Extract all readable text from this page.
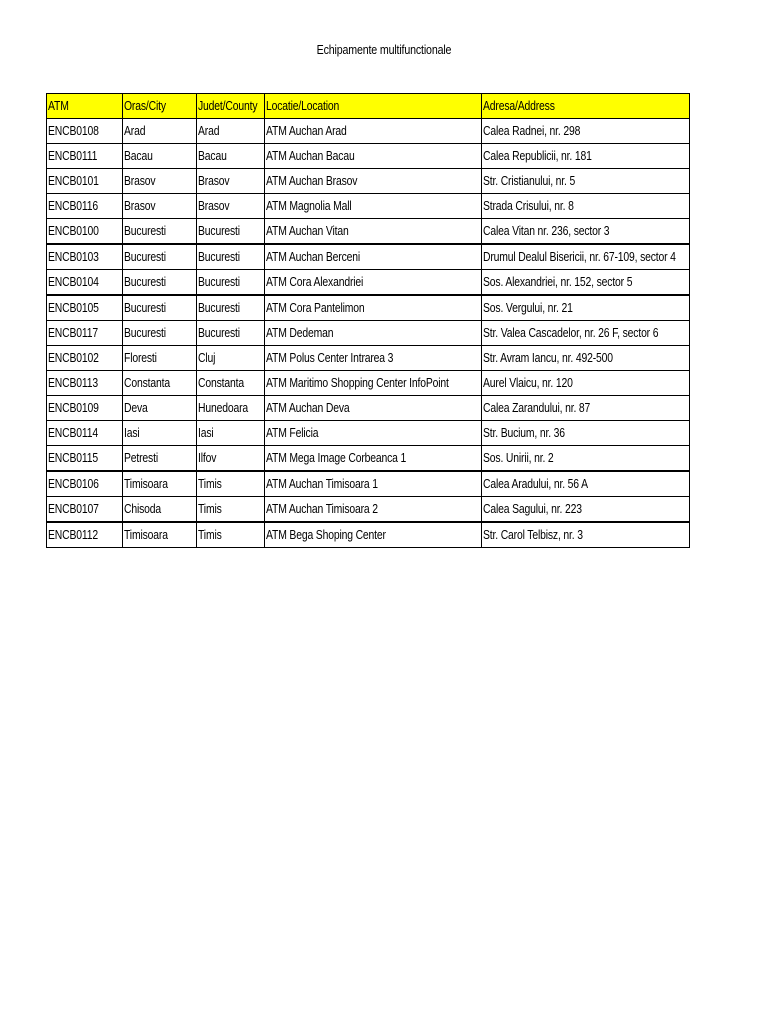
Echipamente multifunctionale
ATM	Oras/City	Judet/County	Locatie/Location	Adresa/Address
ENCB0108	Arad	Arad	ATM Auchan Arad	Calea Radnei, nr. 298
ENCB0111	Bacau	Bacau	ATM Auchan Bacau	Calea Republicii, nr. 181
ENCB0101	Brasov	Brasov	ATM Auchan Brasov	Str. Cristianului, nr. 5
ENCB0116	Brasov	Brasov	ATM Magnolia Mall	Strada Crisului, nr. 8
ENCB0100	Bucuresti	Bucuresti	ATM Auchan Vitan	Calea Vitan nr. 236, sector 3
ENCB0103	Bucuresti	Bucuresti	ATM Auchan Berceni	Drumul Dealul Bisericii, nr. 67-109, sector 4
ENCB0104	Bucuresti	Bucuresti	ATM Cora Alexandriei	Sos. Alexandriei, nr. 152, sector 5
ENCB0105	Bucuresti	Bucuresti	ATM Cora Pantelimon	Sos. Vergului, nr. 21
ENCB0117	Bucuresti	Bucuresti	ATM Dedeman	Str. Valea Cascadelor, nr. 26 F, sector 6
ENCB0102	Floresti	Cluj	ATM Polus Center Intrarea 3	Str. Avram Iancu, nr. 492-500
ENCB0113	Constanta	Constanta	ATM Maritimo Shopping Center InfoPoint	Aurel Vlaicu, nr. 120
ENCB0109	Deva	Hunedoara	ATM Auchan Deva	Calea Zarandului, nr. 87
ENCB0114	Iasi	Iasi	ATM Felicia	Str. Bucium, nr. 36
ENCB0115	Petresti	Ilfov	ATM Mega Image Corbeanca 1	Sos. Unirii, nr. 2
ENCB0106	Timisoara	Timis	ATM Auchan Timisoara 1	Calea Aradului, nr. 56 A
ENCB0107	Chisoda	Timis	ATM Auchan Timisoara 2	Calea Sagului, nr. 223
ENCB0112	Timisoara	Timis	ATM Bega Shoping Center	Str. Carol Telbisz, nr. 3
